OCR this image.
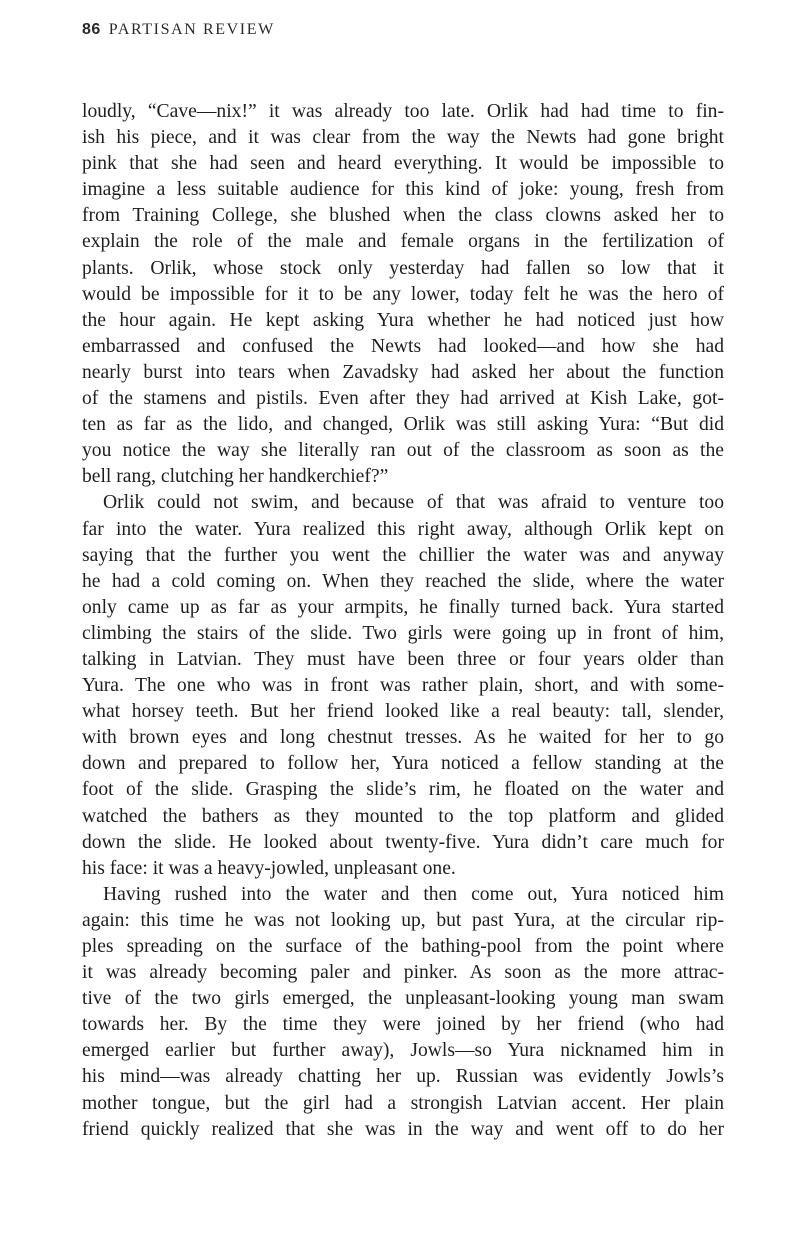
86 PARTISAN REVIEW
loudly, “Cave—nix!” it was already too late. Orlik had had time to fin-
ish his piece, and it was clear from the way the Newts had gone bright
pink that she had seen and heard everything. It would be impossible to
imagine a less suitable audience for this kind of joke: young, fresh from
from Training College, she blushed when the class clowns asked her to
explain the role of the male and female organs in the fertilization of
plants. Orlik, whose stock only yesterday had fallen so low that it
would be impossible for it to be any lower, today felt he was the hero of
the hour again. He kept asking Yura whether he had noticed just how
embarrassed and confused the Newts had looked—and how she had
nearly burst into tears when Zavadsky had asked her about the function
of the stamens and pistils. Even after they had arrived at Kish Lake, got-
ten as far as the lido, and changed, Orlik was still asking Yura: “But did
you notice the way she literally ran out of the classroom as soon as the
bell rang, clutching her handkerchief?”
Orlik could not swim, and because of that was afraid to venture too
far into the water. Yura realized this right away, although Orlik kept on
saying that the further you went the chillier the water was and anyway
he had a cold coming on. When they reached the slide, where the water
only came up as far as your armpits, he finally turned back. Yura started
climbing the stairs of the slide. Two girls were going up in front of him,
talking in Latvian. They must have been three or four years older than
Yura. The one who was in front was rather plain, short, and with some-
what horsey teeth. But her friend looked like a real beauty: tall, slender,
with brown eyes and long chestnut tresses. As he waited for her to go
down and prepared to follow her, Yura noticed a fellow standing at the
foot of the slide. Grasping the slide’s rim, he floated on the water and
watched the bathers as they mounted to the top platform and glided
down the slide. He looked about twenty-five. Yura didn’t care much for
his face: it was a heavy-jowled, unpleasant one.
Having rushed into the water and then come out, Yura noticed him
again: this time he was not looking up, but past Yura, at the circular rip-
ples spreading on the surface of the bathing-pool from the point where
it was already becoming paler and pinker. As soon as the more attrac-
tive of the two girls emerged, the unpleasant-looking young man swam
towards her. By the time they were joined by her friend (who had
emerged earlier but further away), Jowls—so Yura nicknamed him in
his mind—was already chatting her up. Russian was evidently Jowls’s
mother tongue, but the girl had a strongish Latvian accent. Her plain
friend quickly realized that she was in the way and went off to do her
